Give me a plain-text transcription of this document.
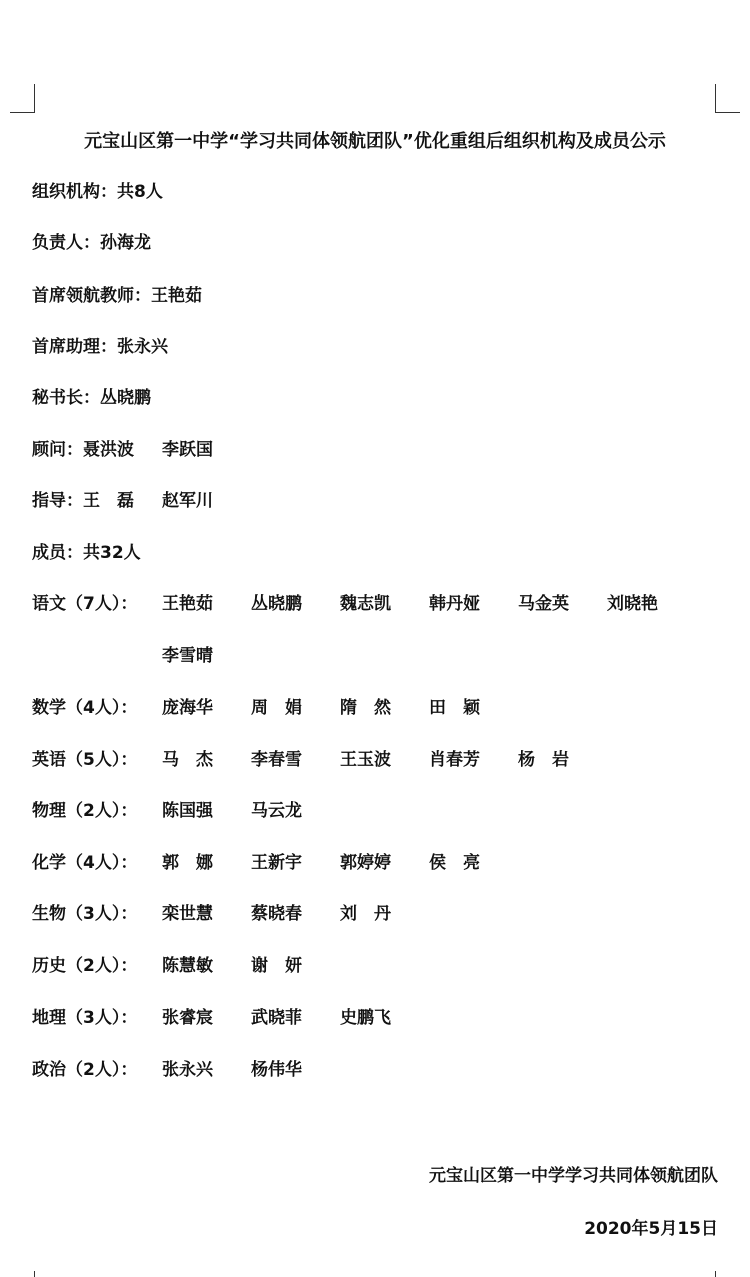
元宝山区第一中学“学习共同体领航团队”优化重组后组织机构及成员公示
组织机构：共8人
负责人：孙海龙
首席领航教师：王艳茹
首席助理：张永兴
秘书长：丛晓鹏
顾问：聂洪波 李跃国
指导：王　磊 赵军川
成员：共32人
语文（7人）： 王艳茹 丛晓鹏 魏志凯 韩丹娅 马金英 刘晓艳李雪晴
数学（4人）： 庞海华 周　娟 隋　然 田　颖
英语（5人）： 马　杰 李春雪 王玉波 肖春芳 杨　岩
物理（2人）： 陈国强 马云龙
化学（4人）： 郭　娜 王新宇 郭婷婷 侯　亮
生物（3人）： 栾世慧 蔡晓春 刘　丹
历史（2人）： 陈慧敏 谢　妍
地理（3人）： 张睿宸 武晓菲 史鹏飞
政治（2人）： 张永兴 杨伟华
元宝山区第一中学学习共同体领航团队
2020年5月15日
